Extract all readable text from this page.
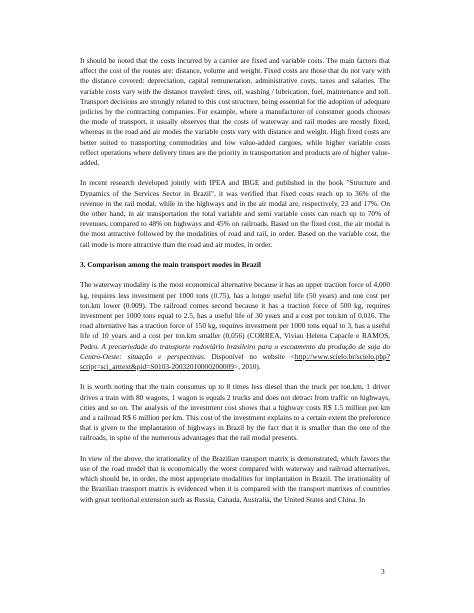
It should be noted that the costs incurred by a carrier are fixed and variable costs. The main factors that affect the cost of the routes are: distance, volume and weight. Fixed costs are those that do not vary with the distance covered: depreciation, capital remuneration, administrative costs, taxes and salaries. The variable costs vary with the distance traveled: tires, oil, washing / lubrication, fuel, maintenance and toll. Transport decisions are strongly related to this cost structure, being essential for the adoption of adequate policies by the contracting companies. For example, where a manufacturer of consumer goods chooses the mode of transport, it usually observes that the costs of waterway and rail modes are mostly fixed, whereas in the road and air modes the variable costs vary with distance and weight. High fixed costs are better suited to transporting commodities and low value-added cargoes, while higher variable costs reflect operations where delivery times are the priority in transportation and products are of higher value-added.

In recent research developed jointly with IPEA and IBGE and published in the book "Structure and Dynamics of the Services Sector in Brazil", it was verified that fixed costs reach up to 36% of the revenue in the rail modal, while in the highways and in the air modal are, respectively, 23 and 17%. On the other hand, in air transportation the total variable and semi variable costs can reach up to 70% of revenues, compared to 48% on highways and 45% on railroads. Based on the fixed cost, the air modal is the most attractive followed by the modalities of road and rail, in order. Based on the variable cost, the rail mode is more attractive than the road and air modes, in order.

3. Comparison among the main transport modes in Brazil

The waterway modality is the most economical alternative because it has an upper traction force of 4,000 kg, requires less investment per 1000 tons (0.75), has a longer useful life (50 years) and one cost per ton.km lower (0.009). The railroad comes second because it has a traction force of 500 kg, requires investment per 1000 tons equal to 2.5, has a useful life of 30 years and a cost per ton.km of 0,016. The road alternative has a traction force of 150 kg, requires investment per 1000 tons equal to 3, has a useful life of 10 years and a cost per ton.km smaller (0,056) (CORREA, Vivian Helena Capacle e RAMOS, Pedro. A precariedade do transporte rodoviário brasileiro para o escoamento da produção de soja do Centro-Oeste: situação e perspectivas. Disponível no website <http://www.scielo.br/scielo.php?script=sci_arttext&pid=S0103-20032010000200009>, 2010).

It is worth noting that the train consumes up to 8 times less diesel than the truck per ton.km, 1 driver drives a train with 80 wagons, 1 wagon is equals 2 trucks and does not detract from traffic on highways, cities and so on. The analysis of the investment cost shows that a highway costs R$ 1.5 million per km and a railroad R$ 6 million per km. This cost of the investment explains to a certain extent the preference that is given to the implantation of highways in Brazil by the fact that it is smaller than the one of the railroads, in spite of the numerous advantages that the rail modal presents.

In view of the above, the irrationality of the Brazilian transport matrix is demonstrated, which favors the use of the road model that is economically the worst compared with waterway and railroad alternatives, which should be, in order, the most appropriate modalities for implantation in Brazil. The irrationality of the Brazilian transport matrix is evidenced when it is compared with the transport matrixes of countries with great territorial extension such as Russia, Canada, Australia, the United States and China. In

3
